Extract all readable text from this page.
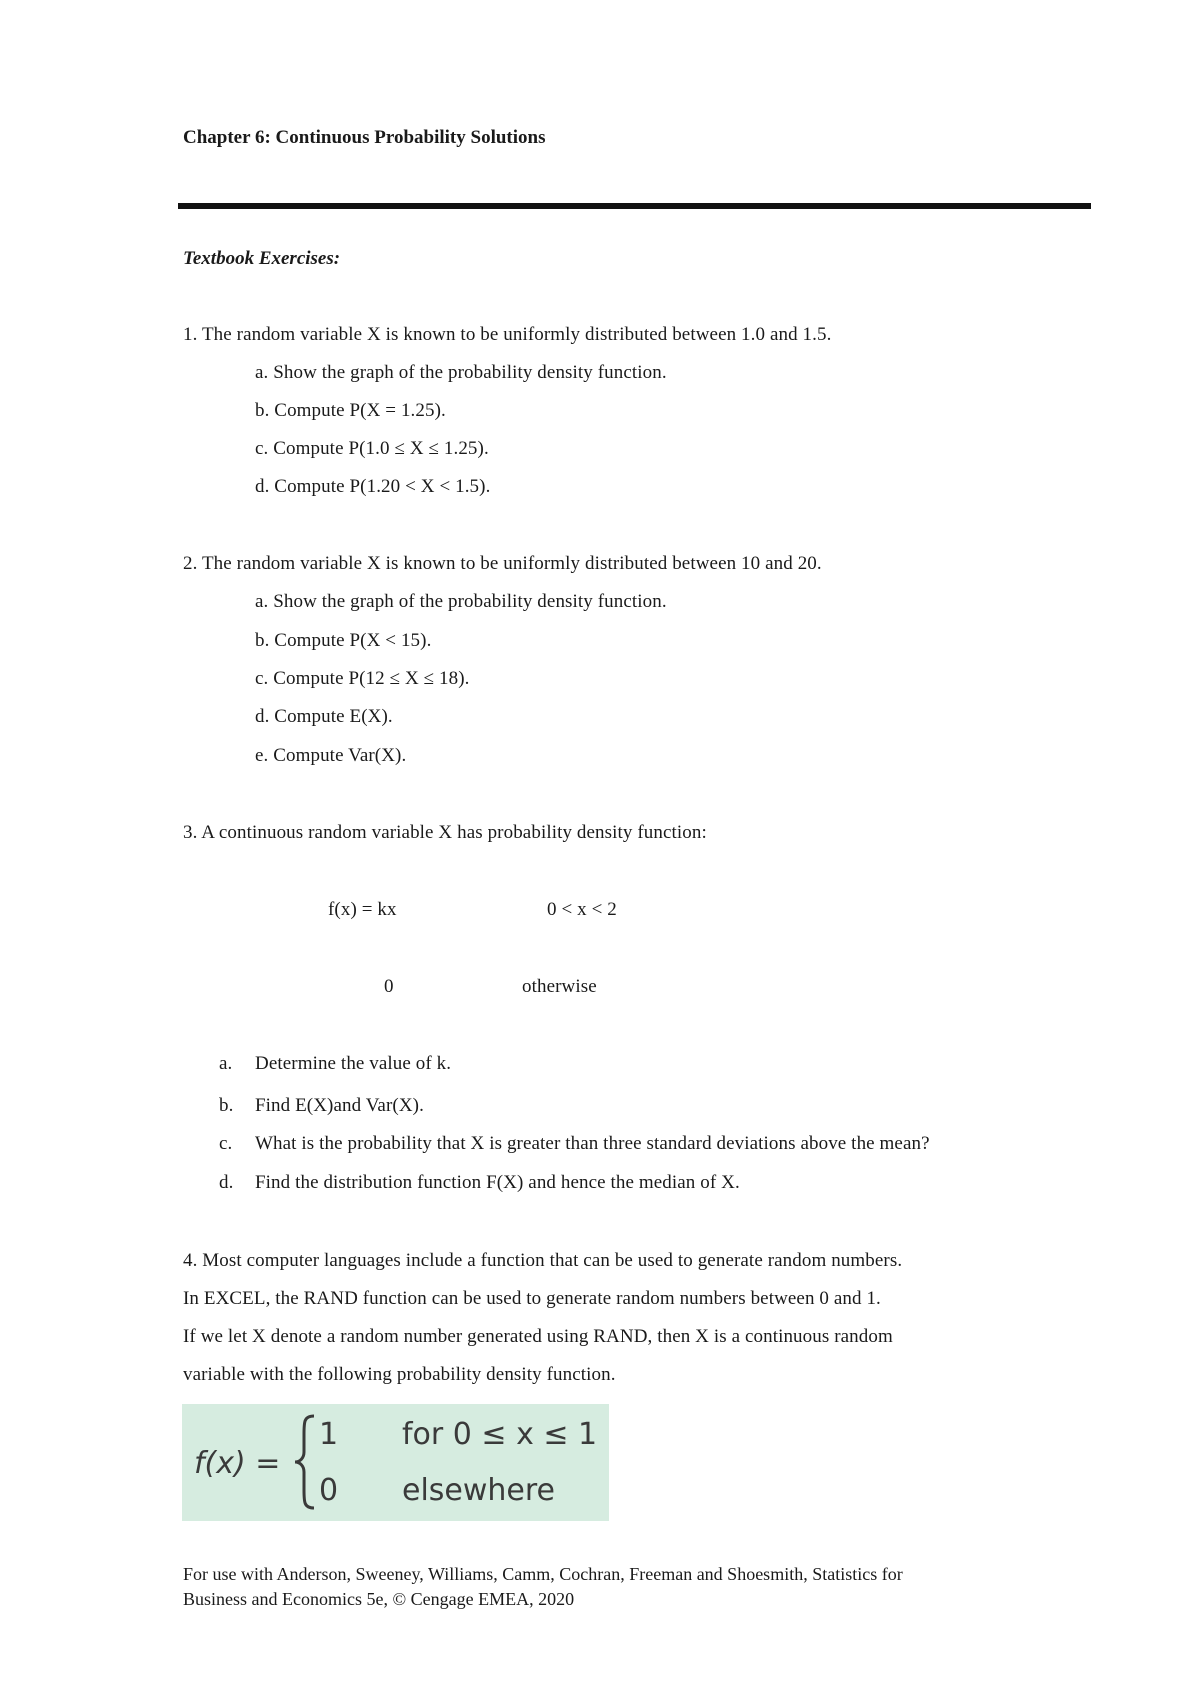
Chapter 6: Continuous Probability Solutions
Textbook Exercises:
1. The random variable X is known to be uniformly distributed between 1.0 and 1.5.
a. Show the graph of the probability density function.
b. Compute P(X = 1.25).
c. Compute P(1.0 ≤ X ≤ 1.25).
d. Compute P(1.20 < X < 1.5).
2. The random variable X is known to be uniformly distributed between 10 and 20.
a. Show the graph of the probability density function.
b. Compute P(X < 15).
c. Compute P(12 ≤ X ≤ 18).
d. Compute E(X).
e. Compute Var(X).
3. A continuous random variable X has probability density function:
f(x) = kx	0 < x < 2
0	otherwise
a. Determine the value of k.
b. Find E(X)and Var(X).
c. What is the probability that X is greater than three standard deviations above the mean?
d. Find the distribution function F(X) and hence the median of X.
4. Most computer languages include a function that can be used to generate random numbers.
In EXCEL, the RAND function can be used to generate random numbers between 0 and 1.
If we let X denote a random number generated using RAND, then X is a continuous random
variable with the following probability density function.
f(x) =
1 for 0 ≤ x ≤ 1
0 elsewhere
For use with Anderson, Sweeney, Williams, Camm, Cochran, Freeman and Shoesmith, Statistics for
Business and Economics 5e, © Cengage EMEA, 2020
